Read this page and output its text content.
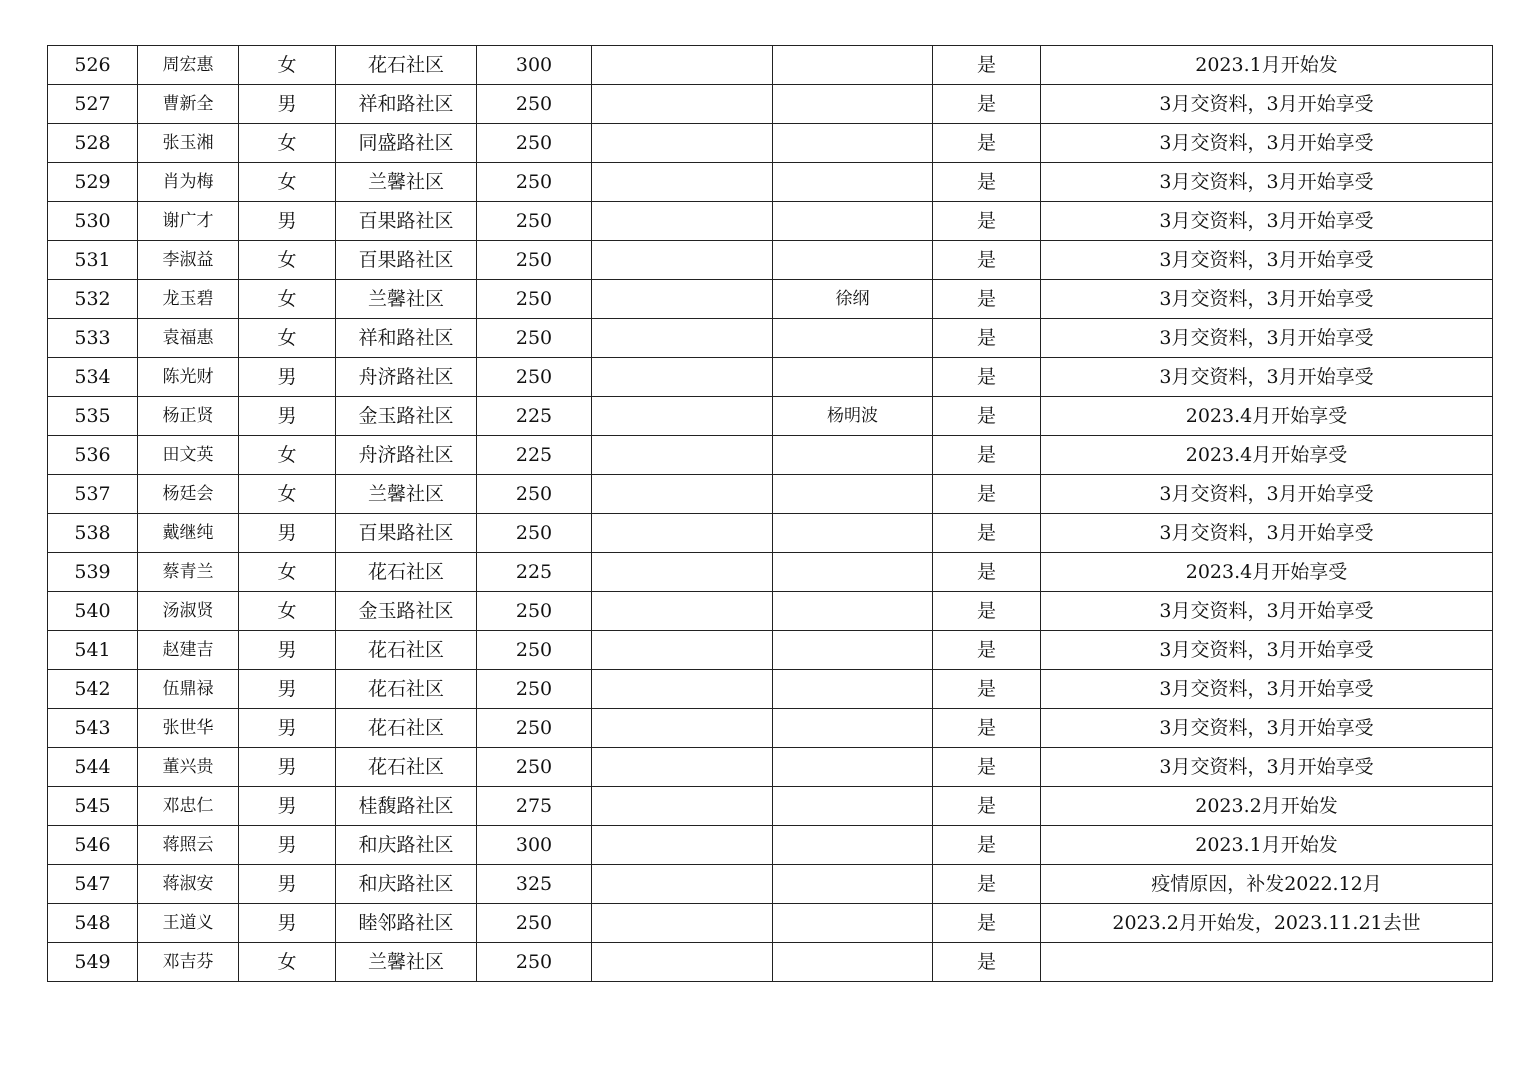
526	周宏惠	女	花石社区	300			是	2023.1月开始发
527	曹新全	男	祥和路社区	250			是	3月交资料，3月开始享受
528	张玉湘	女	同盛路社区	250			是	3月交资料，3月开始享受
529	肖为梅	女	兰馨社区	250			是	3月交资料，3月开始享受
530	谢广才	男	百果路社区	250			是	3月交资料，3月开始享受
531	李淑益	女	百果路社区	250			是	3月交资料，3月开始享受
532	龙玉碧	女	兰馨社区	250		徐纲	是	3月交资料，3月开始享受
533	袁福惠	女	祥和路社区	250			是	3月交资料，3月开始享受
534	陈光财	男	舟济路社区	250			是	3月交资料，3月开始享受
535	杨正贤	男	金玉路社区	225		杨明波	是	2023.4月开始享受
536	田文英	女	舟济路社区	225			是	2023.4月开始享受
537	杨廷会	女	兰馨社区	250			是	3月交资料，3月开始享受
538	戴继纯	男	百果路社区	250			是	3月交资料，3月开始享受
539	蔡青兰	女	花石社区	225			是	2023.4月开始享受
540	汤淑贤	女	金玉路社区	250			是	3月交资料，3月开始享受
541	赵建吉	男	花石社区	250			是	3月交资料，3月开始享受
542	伍鼎禄	男	花石社区	250			是	3月交资料，3月开始享受
543	张世华	男	花石社区	250			是	3月交资料，3月开始享受
544	董兴贵	男	花石社区	250			是	3月交资料，3月开始享受
545	邓忠仁	男	桂馥路社区	275			是	2023.2月开始发
546	蒋照云	男	和庆路社区	300			是	2023.1月开始发
547	蒋淑安	男	和庆路社区	325			是	疫情原因，补发2022.12月
548	王道义	男	睦邻路社区	250			是	2023.2月开始发，2023.11.21去世
549	邓吉芬	女	兰馨社区	250			是	
